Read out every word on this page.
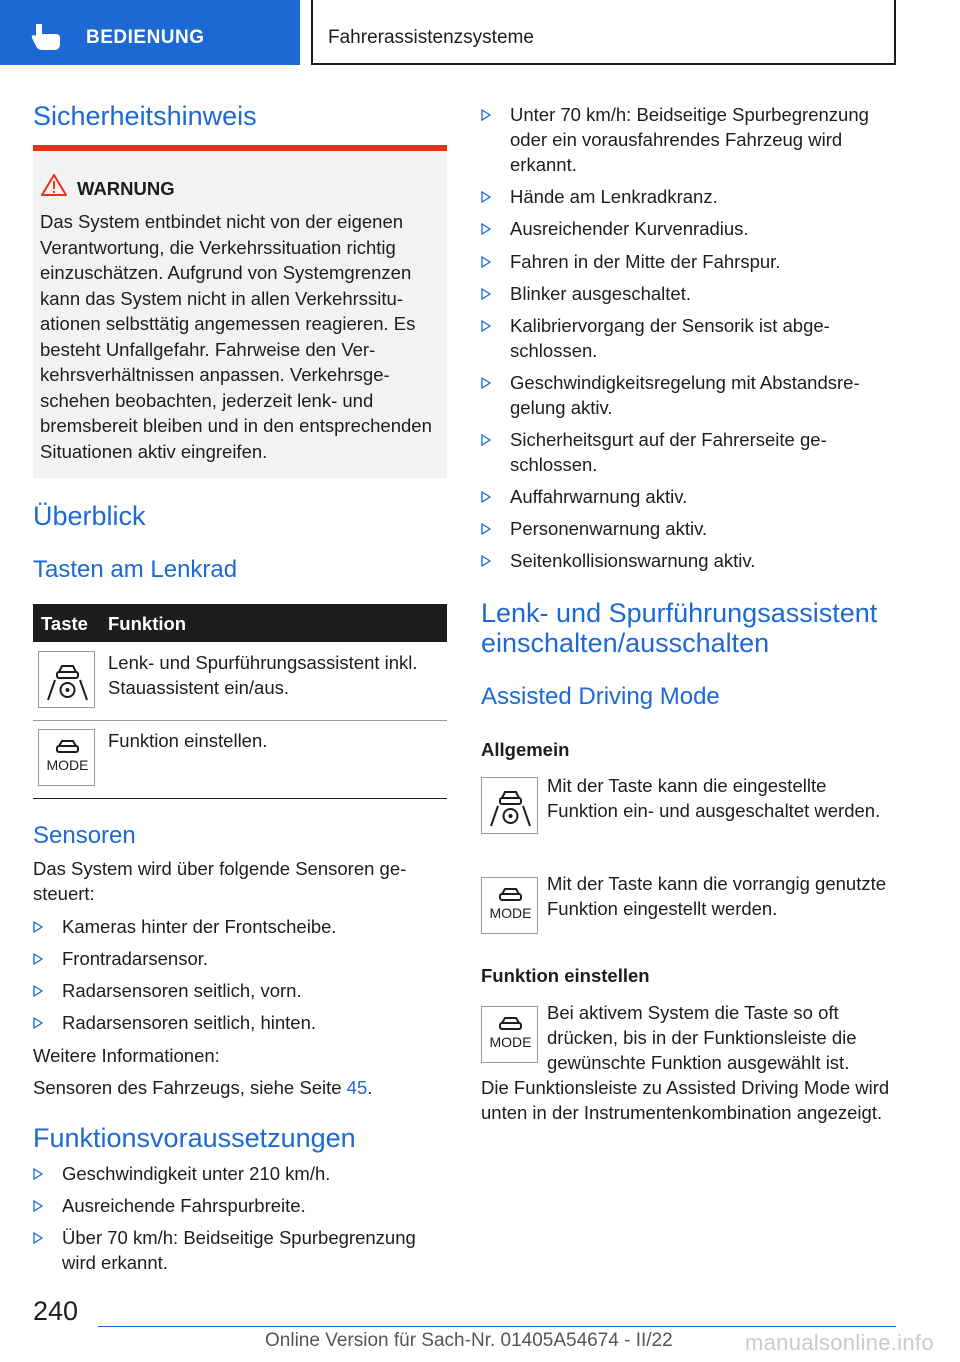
BEDIENUNG	Fahrerassistenzsysteme
Sicherheitshinweis
WARNUNG
Das System entbindet nicht von der eigenen Verantwortung, die Verkehrssituation richtig einzuschätzen. Aufgrund von Systemgrenzen kann das System nicht in allen Verkehrssituationen selbsttätig angemessen reagieren. Es besteht Unfallgefahr. Fahrweise den Verkehrsverhältnissen anpassen. Verkehrsgeschehen beobachten, jederzeit lenk- und bremsbereit bleiben und in den entsprechenden Situationen aktiv eingreifen.
Überblick
Tasten am Lenkrad
Taste Funktion
Lenk- und Spurführungsassistent inkl. Stauassistent ein/aus.
MODE
Funktion einstellen.
Sensoren
Das System wird über folgende Sensoren gesteuert:
Kameras hinter der Frontscheibe.
Frontradarsensor.
Radarsensoren seitlich, vorn.
Radarsensoren seitlich, hinten.
Weitere Informationen:
Sensoren des Fahrzeugs, siehe Seite 45.
Funktionsvoraussetzungen
Geschwindigkeit unter 210 km/h.
Ausreichende Fahrspurbreite.
Über 70 km/h: Beidseitige Spurbegrenzung wird erkannt.
Unter 70 km/h: Beidseitige Spurbegrenzung oder ein vorausfahrendes Fahrzeug wird erkannt.
Hände am Lenkradkranz.
Ausreichender Kurvenradius.
Fahren in der Mitte der Fahrspur.
Blinker ausgeschaltet.
Kalibriervorgang der Sensorik ist abgeschlossen.
Geschwindigkeitsregelung mit Abstandsregelung aktiv.
Sicherheitsgurt auf der Fahrerseite geschlossen.
Auffahrwarnung aktiv.
Personenwarnung aktiv.
Seitenkollisionswarnung aktiv.
Lenk- und Spurführungsassistent einschalten/ausschalten
Assisted Driving Mode
Allgemein
Mit der Taste kann die eingestellte Funktion ein- und ausgeschaltet werden.
MODE
Mit der Taste kann die vorrangig genutzte Funktion eingestellt werden.
Funktion einstellen
MODE
Bei aktivem System die Taste so oft drücken, bis in der Funktionsleiste die gewünschte Funktion ausgewählt ist.
Die Funktionsleiste zu Assisted Driving Mode wird unten in der Instrumentenkombination angezeigt.
240
Online Version für Sach-Nr. 01405A54674 - II/22	manualsonline.info
